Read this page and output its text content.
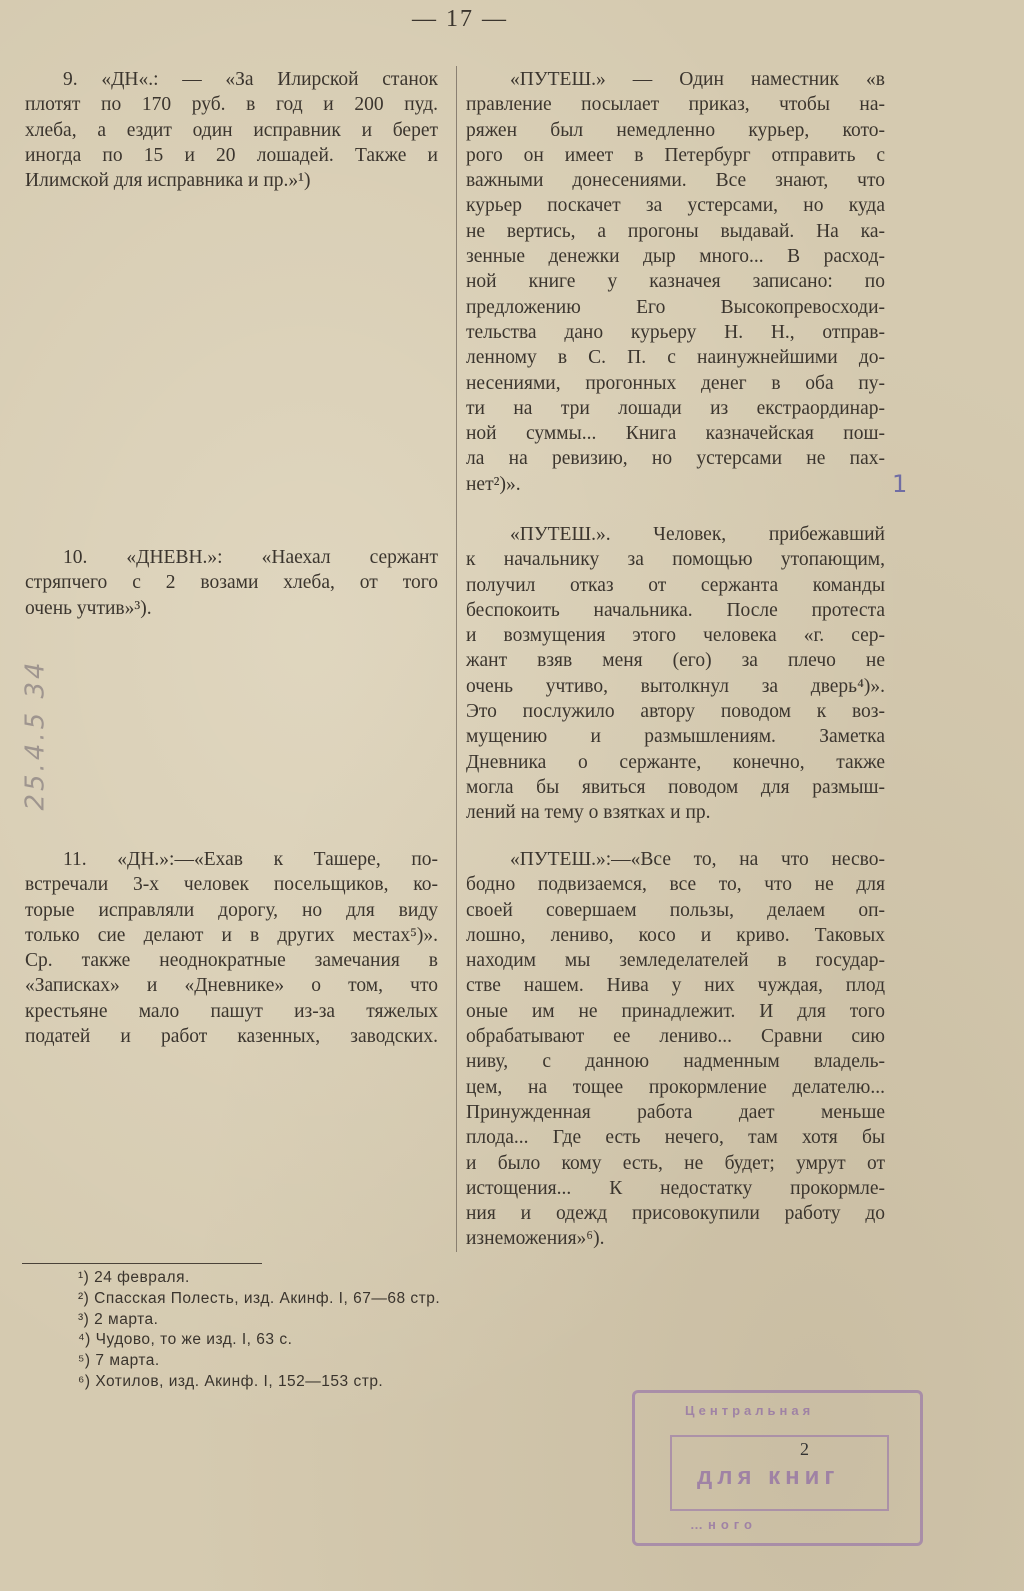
— 17 —
9. «ДН«.: — «За Илирской станок
плотят по 170 руб. в год и 200 пуд.
хлеба, а ездит один исправник и берет
иногда по 15 и 20 лошадей. Также и
Илимской для исправника и пр.»¹)
10. «ДНЕВН.»: «Наехал сержант
стряпчего с 2 возами хлеба, от того
очень учтив»³).
11. «ДН.»:—«Ехав к Ташере, по-
встречали 3-х человек посельщиков, ко-
торые исправляли дорогу, но для виду
только сие делают и в других местах⁵)».
Ср. также неоднократные замечания в
«Записках» и «Дневнике» о том, что
крестьяне мало пашут из-за тяжелых
податей и работ казенных, заводских.
«ПУТЕШ.» — Один наместник «в
правление посылает приказ, чтобы на-
ряжен был немедленно курьер, кото-
рого он имеет в Петербург отправить с
важными донесениями. Все знают, что
курьер поскачет за устерсами, но куда
не вертись, а прогоны выдавай. На ка-
зенные денежки дыр много... В расход-
ной книге у казначея записано: по
предложению Его Высокопревосходи-
тельства дано курьеру Н. Н., отправ-
ленному в С. П. с наинужнейшими до-
несениями, прогонных денег в оба пу-
ти на три лошади из екстраординар-
ной суммы... Книга казначейская пош-
ла на ревизию, но устерсами не пах-
нет²)».
«ПУТЕШ.». Человек, прибежавший
к начальнику за помощью утопающим,
получил отказ от сержанта команды
беспокоить начальника. После протеста
и возмущения этого человека «г. сер-
жант взяв меня (его) за плечо не
очень учтиво, вытолкнул за дверь⁴)».
Это послужило автору поводом к воз-
мущению и размышлениям. Заметка
Дневника о сержанте, конечно, также
могла бы явиться поводом для размыш-
лений на тему о взятках и пр.
«ПУТЕШ.»:—«Все то, на что несво-
бодно подвизаемся, все то, что не для
своей совершаем пользы, делаем оп-
лошно, лениво, косо и криво. Таковых
находим мы земледелателей в государ-
стве нашем. Нива у них чуждая, плод
оные им не принадлежит. И для того
обрабатывают ее лениво... Сравни сию
ниву, с данною надменным владель-
цем, на тощее прокормление делателю...
Принужденная работа дает меньше
плода... Где есть нечего, там хотя бы
и было кому есть, не будет; умрут от
истощения... К недостатку прокормле-
ния и одежд присовокупили работу до
изнеможения»⁶).
¹) 24 февраля.
²) Спасская Полесть, изд. Акинф. I, 67—68 стр.
³) 2 марта.
⁴) Чудово, то же изд. I, 63 с.
⁵) 7 марта.
⁶) Хотилов, изд. Акинф. I, 152—153 стр.
Центральная
2
для книг
…ного
25.4.5 34
1
